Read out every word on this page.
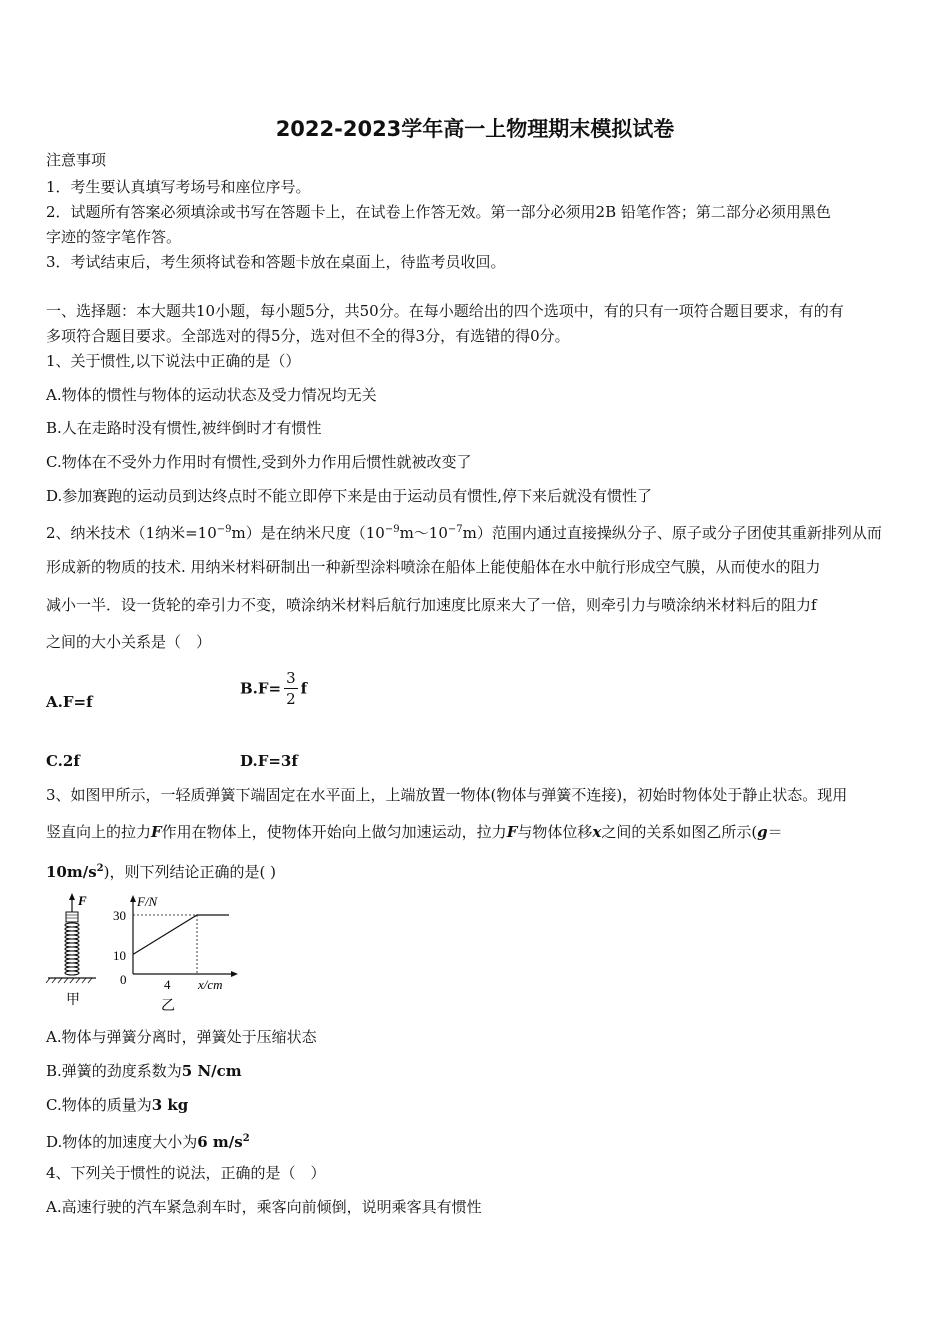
2022-2023学年高一上物理期末模拟试卷
注意事项
1．考生要认真填写考场号和座位序号。
2．试题所有答案必须填涂或书写在答题卡上，在试卷上作答无效。第一部分必须用2B 铅笔作答；第二部分必须用黑色
字迹的签字笔作答。
3．考试结束后，考生须将试卷和答题卡放在桌面上，待监考员收回。
一、选择题：本大题共10小题，每小题5分，共50分。在每小题给出的四个选项中，有的只有一项符合题目要求，有的有
多项符合题目要求。全部选对的得5分，选对但不全的得3分，有选错的得0分。
1、关于惯性,以下说法中正确的是（）
A.物体的惯性与物体的运动状态及受力情况均无关
B.人在走路时没有惯性,被绊倒时才有惯性
C.物体在不受外力作用时有惯性,受到外力作用后惯性就被改变了
D.参加赛跑的运动员到达终点时不能立即停下来是由于运动员有惯性,停下来后就没有惯性了
2、纳米技术（1纳米$=10^{-9}m$）是在纳米尺度$(10^{-9}m\sim 10^{-7}m)$范围内通过直接操纵分子、原子或分子团使其重新排列从而
形成新的物质的技术. 用纳米材料研制出一种新型涂料喷涂在船体上能使船体在水中航行形成空气膜，从而使水的阻力
减小一半．设一货轮的牵引力不变，喷涂纳米材料后航行加速度比原来大了一倍，则牵引力与喷涂纳米材料后的阻力f
之间的大小关系是（　）
A.F=f
$B.F= \frac{3}{2}$ f
C.2f	D.F=3f
3、如图甲所示，一轻质弹簧下端固定在水平面上，上端放置一物体(物体与弹簧不连接)，初始时物体处于静止状态。现用
竖直向上的拉力F作用在物体上，使物体开始向上做匀加速运动，拉力F与物体位移x之间的关系如图乙所示(g＝
$10m/s^2$)，则下列结论正确的是( )
F
甲
F/N
x/cm
0
30
10
4
乙
A.物体与弹簧分离时，弹簧处于压缩状态
B.弹簧的劲度系数为5 N/cm
C.物体的质量为3 kg
D.物体的加速度大小为6 $m/s^2$
4、下列关于惯性的说法，正确的是（　）
A.高速行驶的汽车紧急刹车时，乘客向前倾倒，说明乘客具有惯性
